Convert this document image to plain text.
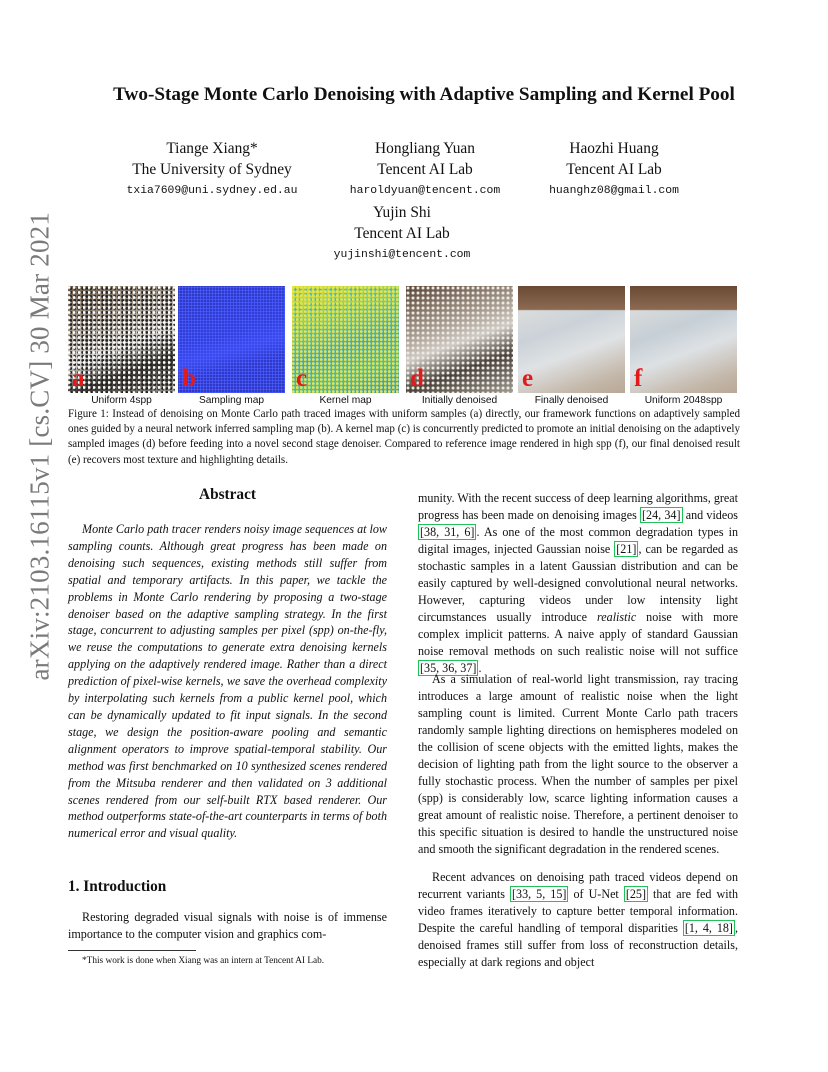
arXiv:2103.16115v1 [cs.CV] 30 Mar 2021
Two-Stage Monte Carlo Denoising with Adaptive Sampling and Kernel Pool
Tiange Xiang*
The University of Sydney
txia7609@uni.sydney.ed.au
Hongliang Yuan
Tencent AI Lab
haroldyuan@tencent.com
Haozhi Huang
Tencent AI Lab
huanghz08@gmail.com
Yujin Shi
Tencent AI Lab
yujinshi@tencent.com
a	b	c	d	e	f
Uniform 4spp	Sampling map	Kernel map	Initially denoised	Finally denoised	Uniform 2048spp
Figure 1: Instead of denoising on Monte Carlo path traced images with uniform samples (a) directly, our framework functions on adaptively sampled ones guided by a neural network inferred sampling map (b). A kernel map (c) is concurrently predicted to promote an initial denoising on the adaptively sampled images (d) before feeding into a novel second stage denoiser. Compared to reference image rendered in high spp (f), our final denoised result (e) recovers most texture and highlighting details.
Abstract
Monte Carlo path tracer renders noisy image sequences at low sampling counts. Although great progress has been made on denoising such sequences, existing methods still suffer from spatial and temporary artifacts. In this paper, we tackle the problems in Monte Carlo rendering by proposing a two-stage denoiser based on the adaptive sampling strategy. In the first stage, concurrent to adjusting samples per pixel (spp) on-the-fly, we reuse the computations to generate extra denoising kernels applying on the adaptively rendered image. Rather than a direct prediction of pixel-wise kernels, we save the overhead complexity by interpolating such kernels from a public kernel pool, which can be dynamically updated to fit input signals. In the second stage, we design the position-aware pooling and semantic alignment operators to improve spatial-temporal stability. Our method was first benchmarked on 10 synthesized scenes rendered from the Mitsuba renderer and then validated on 3 additional scenes rendered from our self-built RTX based renderer. Our method outperforms state-of-the-art counterparts in terms of both numerical error and visual quality.
1. Introduction
Restoring degraded visual signals with noise is of immense importance to the computer vision and graphics com-
*This work is done when Xiang was an intern at Tencent AI Lab.
munity. With the recent success of deep learning algorithms, great progress has been made on denoising images [24, 34] and videos [38, 31, 6] . As one of the most common degradation types in digital images, injected Gaussian noise [21] , can be regarded as stochastic samples in a latent Gaussian distribution and can be easily captured by well-designed convolutional neural networks. However, capturing videos under low intensity light circumstances usually introduce realistic noise with more complex implicit patterns. A naive apply of standard Gaussian noise removal methods on such realistic noise will not suffice [35, 36, 37] .
As a simulation of real-world light transmission, ray tracing introduces a large amount of realistic noise when the light sampling count is limited. Current Monte Carlo path tracers randomly sample lighting directions on hemispheres modeled on the collision of scene objects with the emitted lights, makes the decision of lighting path from the light source to the observer a fully stochastic process. When the number of samples per pixel (spp) is considerably low, scarce lighting information causes a great amount of realistic noise. Therefore, a pertinent denoiser to this specific situation is desired to handle the unstructured noise and smooth the significant degradation in the rendered scenes.
Recent advances on denoising path traced videos depend on recurrent variants [33, 5, 15] of U-Net [25] that are fed with video frames iteratively to capture better temporal information. Despite the careful handling of temporal disparities [1, 4, 18] , denoised frames still suffer from loss of reconstruction details, especially at dark regions and object
